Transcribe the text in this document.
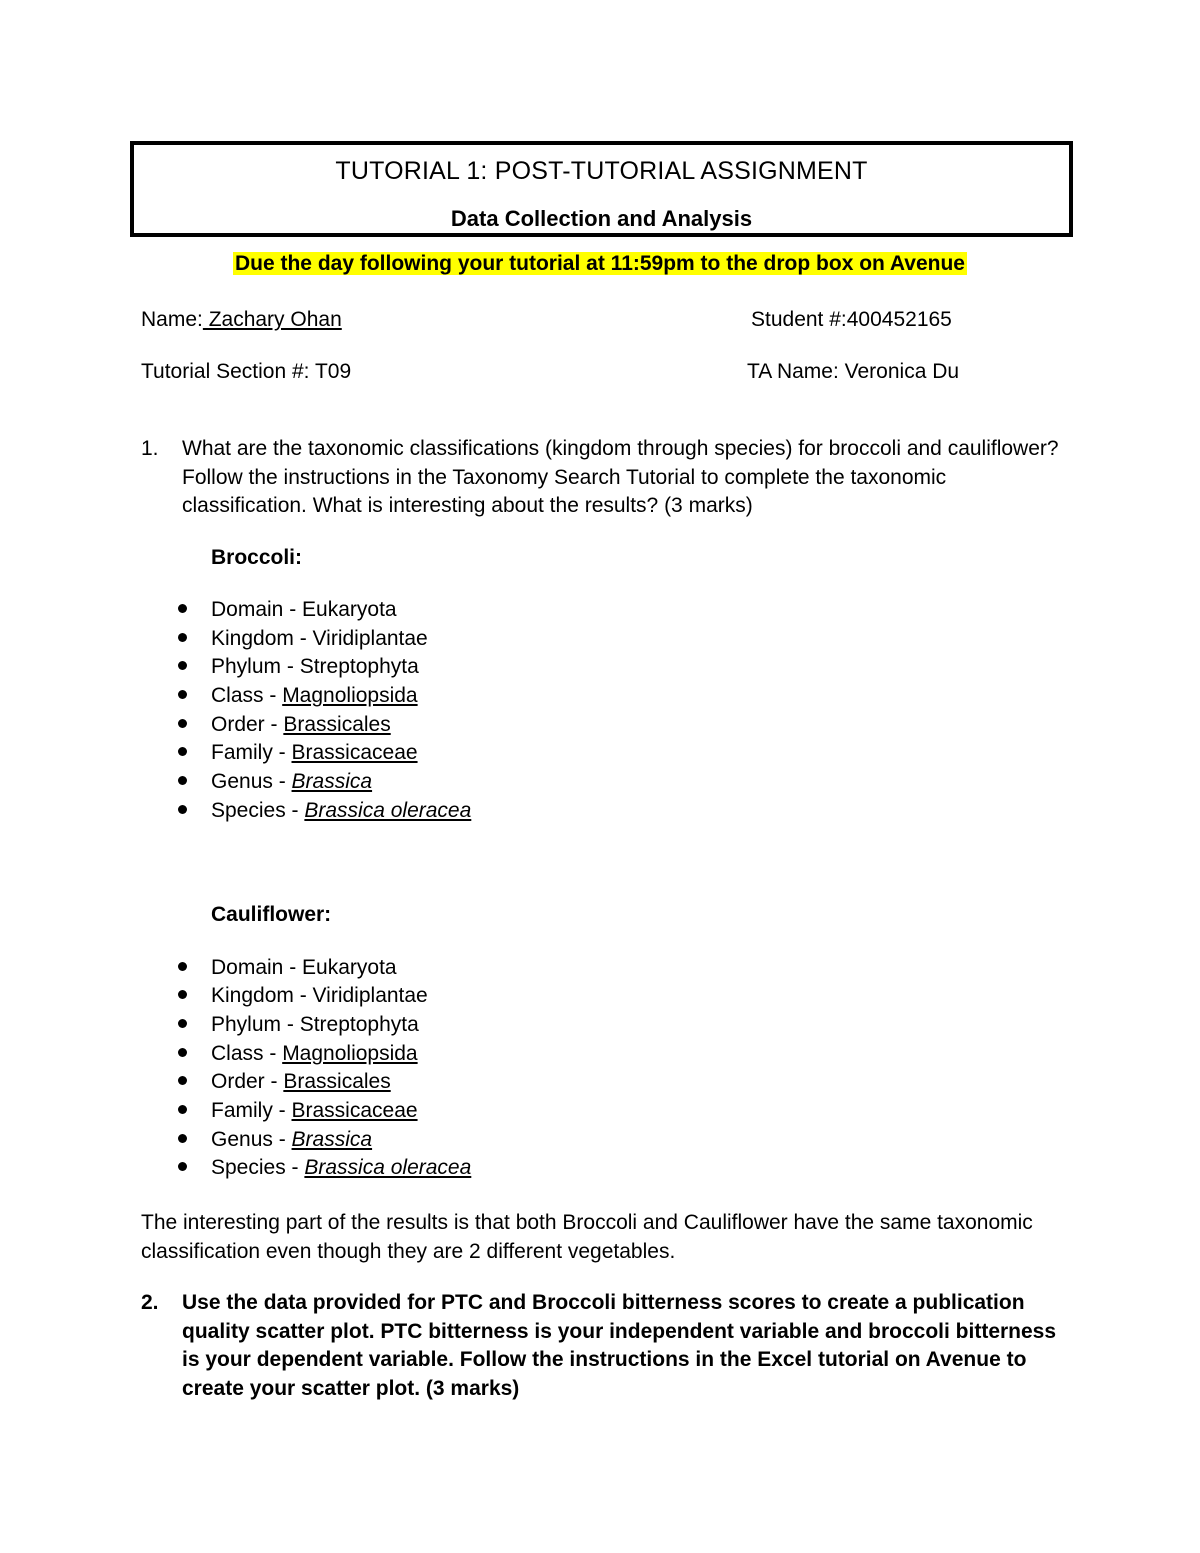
TUTORIAL 1: POST-TUTORIAL ASSIGNMENT
Data Collection and Analysis
Due the day following your tutorial at 11:59pm to the drop box on Avenue
Name: Zachary Ohan	Student #:400452165
Tutorial Section #: T09	TA Name: Veronica Du
1. What are the taxonomic classifications (kingdom through species) for broccoli and cauliflower? Follow the instructions in the Taxonomy Search Tutorial to complete the taxonomic classification. What is interesting about the results? (3 marks)
Broccoli:
Domain - Eukaryota
Kingdom - Viridiplantae
Phylum - Streptophyta
Class - Magnoliopsida
Order - Brassicales
Family - Brassicaceae
Genus - Brassica
Species - Brassica oleracea
Cauliflower:
Domain - Eukaryota
Kingdom - Viridiplantae
Phylum - Streptophyta
Class - Magnoliopsida
Order - Brassicales
Family - Brassicaceae
Genus - Brassica
Species - Brassica oleracea
The interesting part of the results is that both Broccoli and Cauliflower have the same taxonomic classification even though they are 2 different vegetables.
2. Use the data provided for PTC and Broccoli bitterness scores to create a publication quality scatter plot. PTC bitterness is your independent variable and broccoli bitterness is your dependent variable. Follow the instructions in the Excel tutorial on Avenue to create your scatter plot. (3 marks)
